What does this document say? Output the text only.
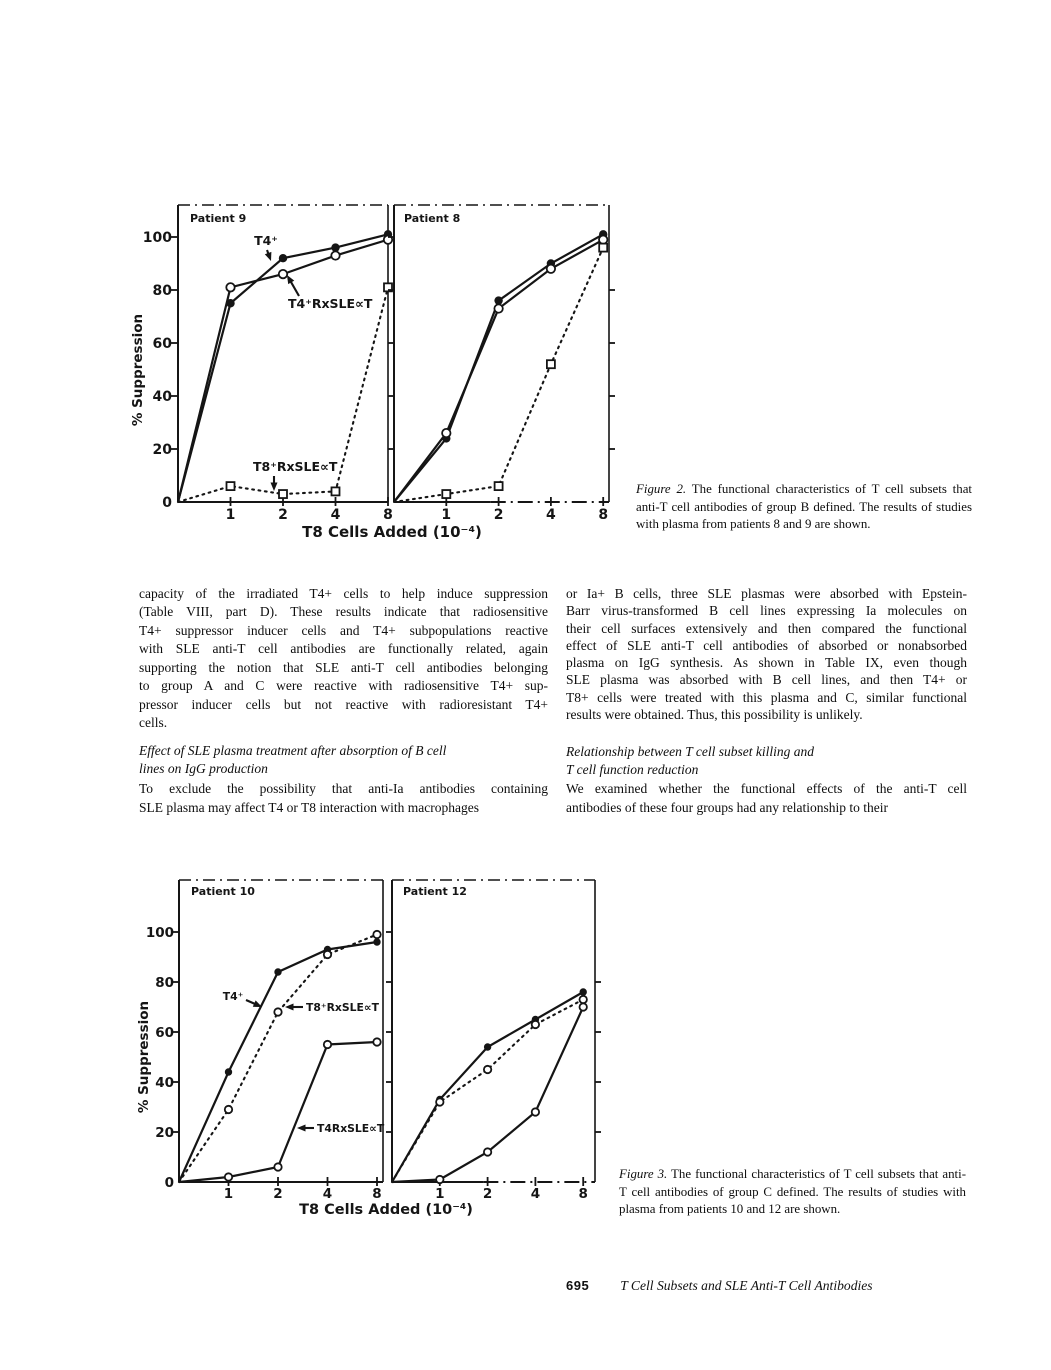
% Suppression
0
20
40
60
80
100
T8 Cells Added (10⁻⁴)
1	2	4	8
Patient 9
T4⁺
T4⁺RxSLE∝T
T8⁺RxSLE∝T
1	2	4	8
Patient 8
% Suppression
0
20
40
60
80
100
T8 Cells Added (10⁻⁴)
1	2	4	8
Patient 10
T4⁺
T8⁺RxSLE∝T
T4RxSLE∝T
1	2	4	8
Patient 12
Figure 2. The functional characteristics of T cell subsets that anti-T cell antibodies of group B defined. The results of studies with plasma from patients 8 and 9 are shown.
Figure 3. The functional characteristics of T cell subsets that anti-T cell antibodies of group C defined. The results of studies with plasma from patients 10 and 12 are shown.
capacity of the irradiated T4+ cells to help induce suppression
(Table VIII, part D). These results indicate that radiosensitive
T4+ suppressor inducer cells and T4+ subpopulations reactive
with SLE anti-T cell antibodies are functionally related, again
supporting the notion that SLE anti-T cell antibodies belonging
to group A and C were reactive with radiosensitive T4+ sup-
pressor inducer cells but not reactive with radioresistant T4+
cells.
Effect of SLE plasma treatment after absorption of B cell
lines on IgG production
To exclude the possibility that anti-Ia antibodies containing
SLE plasma may affect T4 or T8 interaction with macrophages
or Ia+ B cells, three SLE plasmas were absorbed with Epstein-
Barr virus-transformed B cell lines expressing Ia molecules on
their cell surfaces extensively and then compared the functional
effect of SLE anti-T cell antibodies of absorbed or nonabsorbed
plasma on IgG synthesis. As shown in Table IX, even though
SLE plasma was absorbed with B cell lines, and then T4+ or
T8+ cells were treated with this plasma and C, similar functional
results were obtained. Thus, this possibility is unlikely.
Relationship between T cell subset killing and
T cell function reduction
We examined whether the functional effects of the anti-T cell
antibodies of these four groups had any relationship to their
695 T Cell Subsets and SLE Anti-T Cell Antibodies
